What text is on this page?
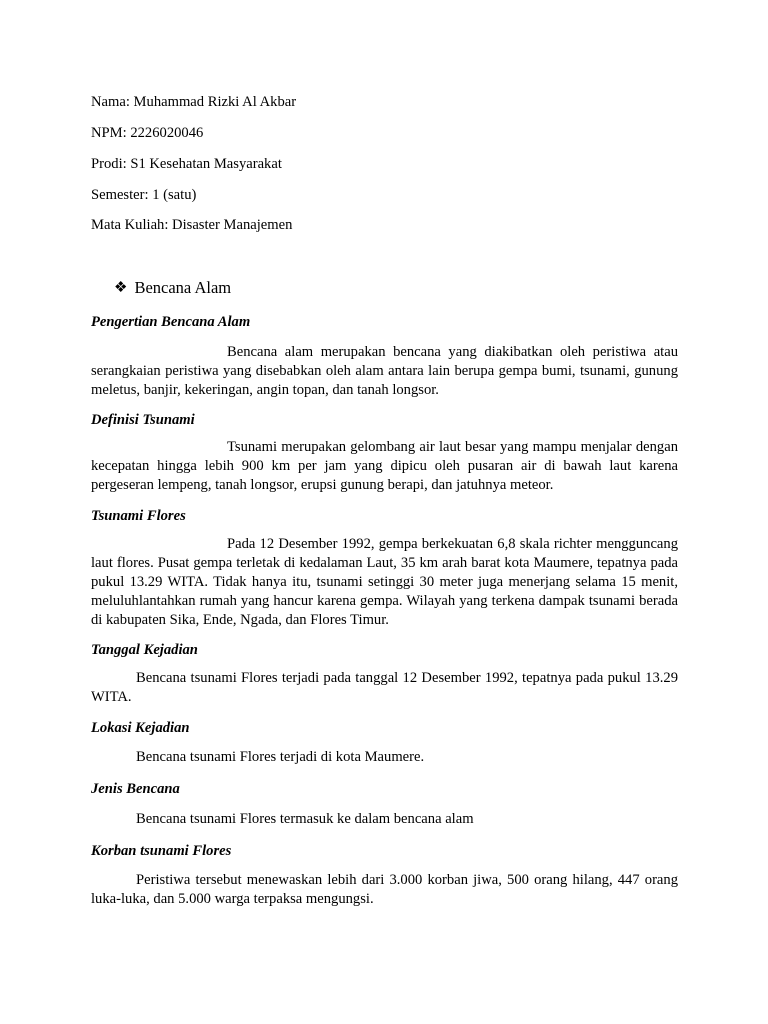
Nama: Muhammad Rizki Al Akbar
NPM: 2226020046
Prodi: S1 Kesehatan Masyarakat
Semester: 1 (satu)
Mata Kuliah: Disaster Manajemen
❖ Bencana Alam
Pengertian Bencana Alam

Bencana alam merupakan bencana yang diakibatkan oleh peristiwa atau serangkaian peristiwa yang disebabkan oleh alam antara lain berupa gempa bumi, tsunami, gunung meletus, banjir, kekeringan, angin topan, dan tanah longsor.

Definisi Tsunami

Tsunami merupakan gelombang air laut besar yang mampu menjalar dengan kecepatan hingga lebih 900 km per jam yang dipicu oleh pusaran air di bawah laut karena pergeseran lempeng, tanah longsor, erupsi gunung berapi, dan jatuhnya meteor.

Tsunami Flores

Pada 12 Desember 1992, gempa berkekuatan 6,8 skala richter mengguncang laut flores. Pusat gempa terletak di kedalaman Laut, 35 km arah barat kota Maumere, tepatnya pada pukul 13.29 WITA. Tidak hanya itu, tsunami setinggi 30 meter juga menerjang selama 15 menit, meluluhlantahkan rumah yang hancur karena gempa. Wilayah yang terkena dampak tsunami berada di kabupaten Sika, Ende, Ngada, dan Flores Timur.

Tanggal Kejadian

Bencana tsunami Flores terjadi pada tanggal 12 Desember 1992, tepatnya pada pukul 13.29 WITA.

Lokasi Kejadian

Bencana tsunami Flores terjadi di kota Maumere.

Jenis Bencana

Bencana tsunami Flores termasuk ke dalam bencana alam

Korban tsunami Flores

Peristiwa tersebut menewaskan lebih dari 3.000 korban jiwa, 500 orang hilang, 447 orang luka-luka, dan 5.000 warga terpaksa mengungsi.
